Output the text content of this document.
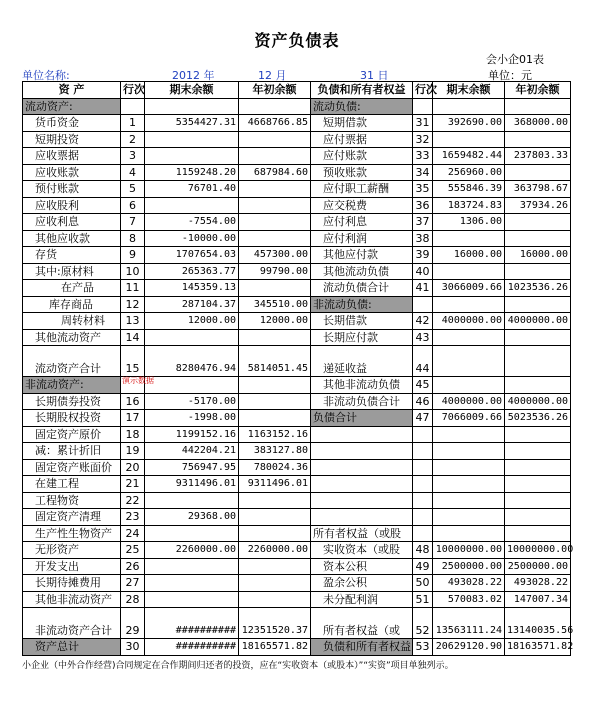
资产负债表
会小企01表
单位名称:	2012 年	12 月	31 日	单位：元
资 产	行次	期末余额	年初余额	负债和所有者权益	行次	期末余额	年初余额
流动资产:				流动负债:			
货币资金	1	5354427.31	4668766.85	短期借款	31	392690.00	368000.00
短期投资	2			应付票据	32		
应收票据	3			应付账款	33	1659482.44	237803.33
应收账款	4	1159248.20	687984.60	预收账款	34	256960.00	
预付账款	5	76701.40		应付职工薪酬	35	555846.39	363798.67
应收股利	6			应交税费	36	183724.83	37934.26
应收利息	7	-7554.00		应付利息	37	1306.00	
其他应收款	8	-10000.00		应付利润	38		
存货	9	1707654.03	457300.00	其他应付款	39	16000.00	16000.00
其中:原材料	10	265363.77	99790.00	其他流动负债	40		
在产品	11	145359.13		流动负债合计	41	3066009.66	1023536.26
库存商品	12	287104.37	345510.00	非流动负债:			
周转材料	13	12000.00	12000.00	长期借款	42	4000000.00	4000000.00
其他流动资产	14			长期应付款	43		
流动资产合计	15	8280476.94	5814051.45	递延收益	44		
非流动资产:				其他非流动负债	45		
长期债券投资	16	-5170.00		非流动负债合计	46	4000000.00	4000000.00
长期股权投资	17	-1998.00		负债合计	47	7066009.66	5023536.26
固定资产原价	18	1199152.16	1163152.16				
减：累计折旧	19	442204.21	383127.80				
固定资产账面价	20	756947.95	780024.36				
在建工程	21	9311496.01	9311496.01				
工程物资	22						
固定资产清理	23	29368.00					
生产性生物资产	24			所有者权益（或股			
无形资产	25	2260000.00	2260000.00	实收资本（或股	48	10000000.00	10000000.00
开发支出	26			资本公积	49	2500000.00	2500000.00
长期待摊费用	27			盈余公积	50	493028.22	493028.22
其他非流动资产	28			未分配利润	51	570083.02	147007.34
非流动资产合计	29	##########	12351520.37	所有者权益（或	52	13563111.24	13140035.56
资产总计	30	##########	18165571.82	负债和所有者权益	53	20629120.90	18163571.82
演示数据
小企业（中外合作经营)合同规定在合作期间归还者的投资，应在“实收资本（或股本）”“实资”项目单独列示。
